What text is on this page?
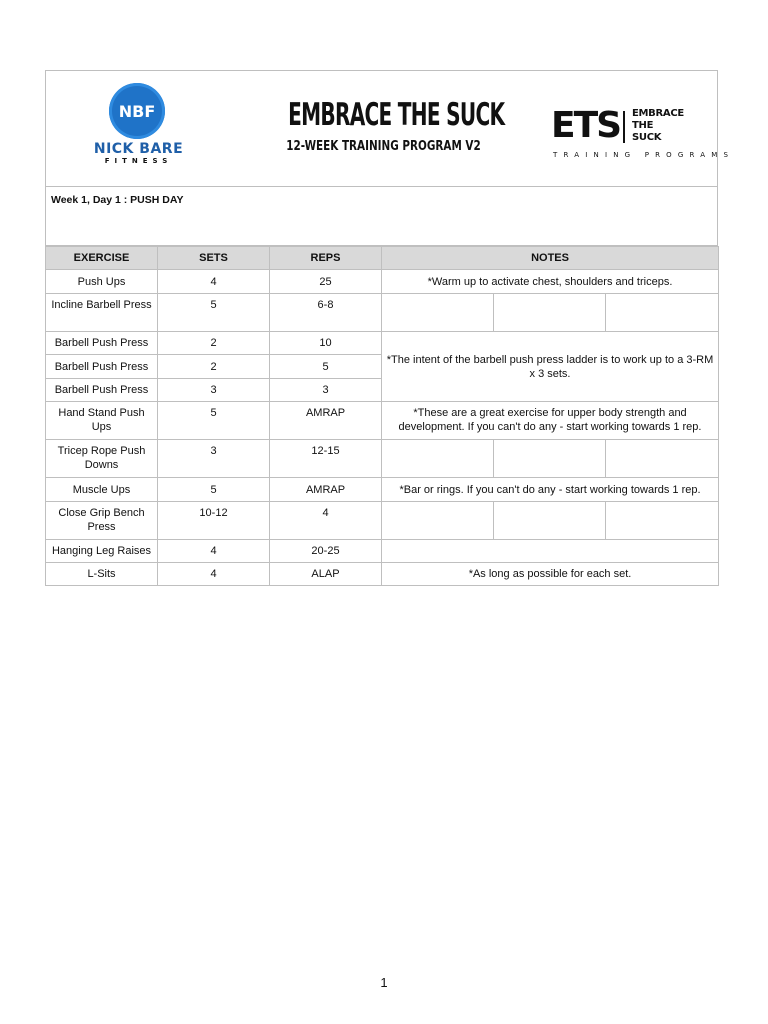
NBF
NICK BARE
FITNESS
EMBRACE THE SUCK
12-WEEK TRAINING PROGRAM V2
ETS EMBRACE
THE
SUCK
TRAINING PROGRAMS
Week 1, Day 1 : PUSH DAY
EXERCISE	SETS	REPS	NOTES		
Push Ups	4	25	*Warm up to activate chest, shoulders and triceps.		
Incline Barbell Press	5	6-8			
Barbell Push Press	2	10	*The intent of the barbell push press ladder is to work up to a 3-RM x 3 sets.		
Barbell Push Press	2	5			
Barbell Push Press	3	3			
Hand Stand Push Ups	5	AMRAP	*These are a great exercise for upper body strength and development. If you can't do any - start working towards 1 rep.		
Tricep Rope Push Downs	3	12-15			
Muscle Ups	5	AMRAP	*Bar or rings. If you can't do any - start working towards 1 rep.		
Close Grip Bench Press	10-12	4			
Hanging Leg Raises	4	20-25			
L-Sits	4	ALAP	*As long as possible for each set.		
1
